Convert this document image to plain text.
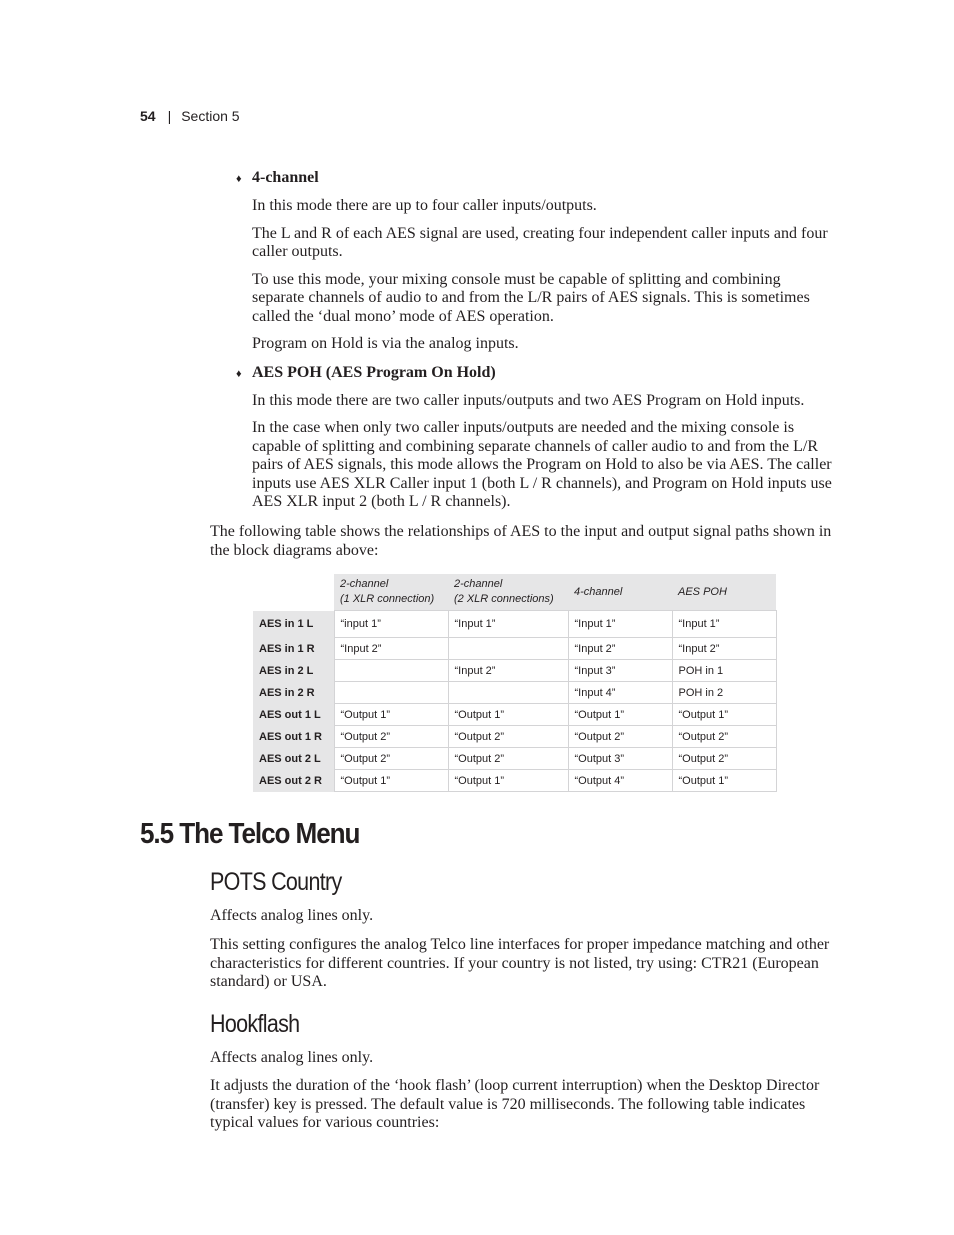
54 | Section 5
♦ 4-channel

In this mode there are up to four caller inputs/outputs.

The L and R of each AES signal are used, creating four independent caller inputs and four caller outputs.

To use this mode, your mixing console must be capable of splitting and combining separate channels of audio to and from the L/R pairs of AES signals. This is sometimes called the ‘dual mono’ mode of AES operation.

Program on Hold is via the analog inputs.

♦ AES POH (AES Program On Hold)

In this mode there are two caller inputs/outputs and two AES Program on Hold inputs.

In the case when only two caller inputs/outputs are needed and the mixing console is capable of splitting and combining separate channels of caller audio to and from the L/R pairs of AES signals, this mode allows the Program on Hold to also be via AES. The caller inputs use AES XLR Caller input 1 (both L / R channels), and Program on Hold inputs use AES XLR input 2 (both L / R channels).

The following table shows the relationships of AES to the input and output signal paths shown in the block diagrams above:

	2-channel
(1 XLR connection)	2-channel
(2 XLR connections)	4-channel	AES POH

AES in 1 L	“input 1”	“Input 1”	“Input 1”	“Input 1”
AES in 1 R	“Input 2”		“Input 2”	“Input 2”
AES in 2 L		“Input 2”	“Input 3”	POH in 1
AES in 2 R			“Input 4”	POH in 2
AES out 1 L	“Output 1”	“Output 1”	“Output 1”	“Output 1”
AES out 1 R	“Output 2”	“Output 2”	“Output 2”	“Output 2”
AES out 2 L	“Output 2”	“Output 2”	“Output 3”	“Output 2”
AES out 2 R	“Output 1”	“Output 1”	“Output 4”	“Output 1”
5.5 The Telco Menu
POTS Country

Affects analog lines only.

This setting configures the analog Telco line interfaces for proper impedance matching and other characteristics for different countries. If your country is not listed, try using: CTR21 (European standard) or USA.

Hookflash

Affects analog lines only.

It adjusts the duration of the ‘hook flash’ (loop current interruption) when the Desktop Director (transfer) key is pressed. The default value is 720 milliseconds. The following table indicates typical values for various countries:
